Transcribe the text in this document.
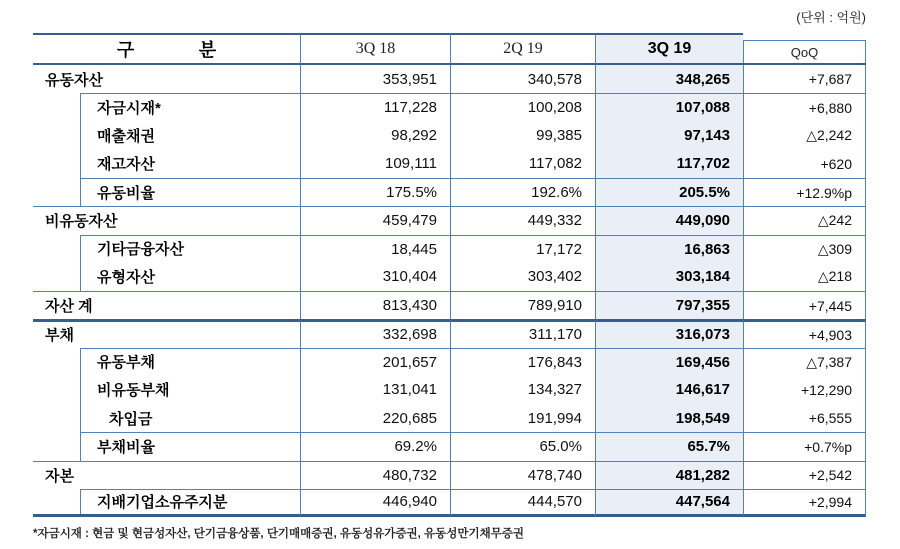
(단위 : 억원)
구 분	3Q 18	2Q 19	3Q 19	QoQ
유동자산	353,951	340,578	348,265	+7,687
자금시재*	117,228	100,208	107,088	+6,880
매출채권	98,292	99,385	97,143	△2,242
재고자산	109,111	117,082	117,702	+620
유동비율	175.5%	192.6%	205.5%	+12.9%p
비유동자산	459,479	449,332	449,090	△242
기타금융자산	18,445	17,172	16,863	△309
유형자산	310,404	303,402	303,184	△218
자산 계	813,430	789,910	797,355	+7,445
부채	332,698	311,170	316,073	+4,903
유동부채	201,657	176,843	169,456	△7,387
비유동부채	131,041	134,327	146,617	+12,290
차입금	220,685	191,994	198,549	+6,555
부채비율	69.2%	65.0%	65.7%	+0.7%p
자본	480,732	478,740	481,282	+2,542
지배기업소유주지분	446,940	444,570	447,564	+2,994
*자금시재 : 현금 및 현금성자산, 단기금융상품, 단기매매증권, 유동성유가증권, 유동성만기채무증권
